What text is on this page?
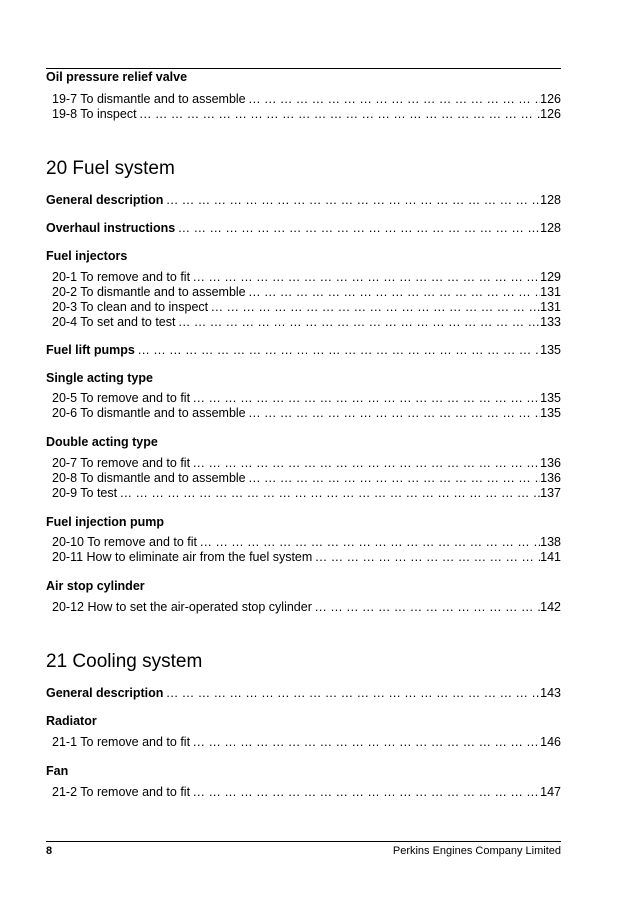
Oil pressure relief valve
19-7 To dismantle and to assemble ... .	126
19-8 To inspect ... .	126
20 Fuel system
General description ... .	128
Overhaul instructions ... .	128
Fuel injectors
20-1 To remove and to fit ... .	129
20-2 To dismantle and to assemble ... .	131
20-3 To clean and to inspect ... .	131
20-4 To set and to test ... .	133
Fuel lift pumps ... .	135
Single acting type
20-5 To remove and to fit ... .	135
20-6 To dismantle and to assemble ... .	135
Double acting type
20-7 To remove and to fit ... .	136
20-8 To dismantle and to assemble ... .	136
20-9 To test ... .	137
Fuel injection pump
20-10 To remove and to fit ... .	138
20-11 How to eliminate air from the fuel system ... .	141
Air stop cylinder
20-12 How to set the air-operated stop cylinder ... .	142
21 Cooling system
General description ... .	143
Radiator
21-1 To remove and to fit ... .	146
Fan
21-2 To remove and to fit ... .	147
8	Perkins Engines Company Limited
